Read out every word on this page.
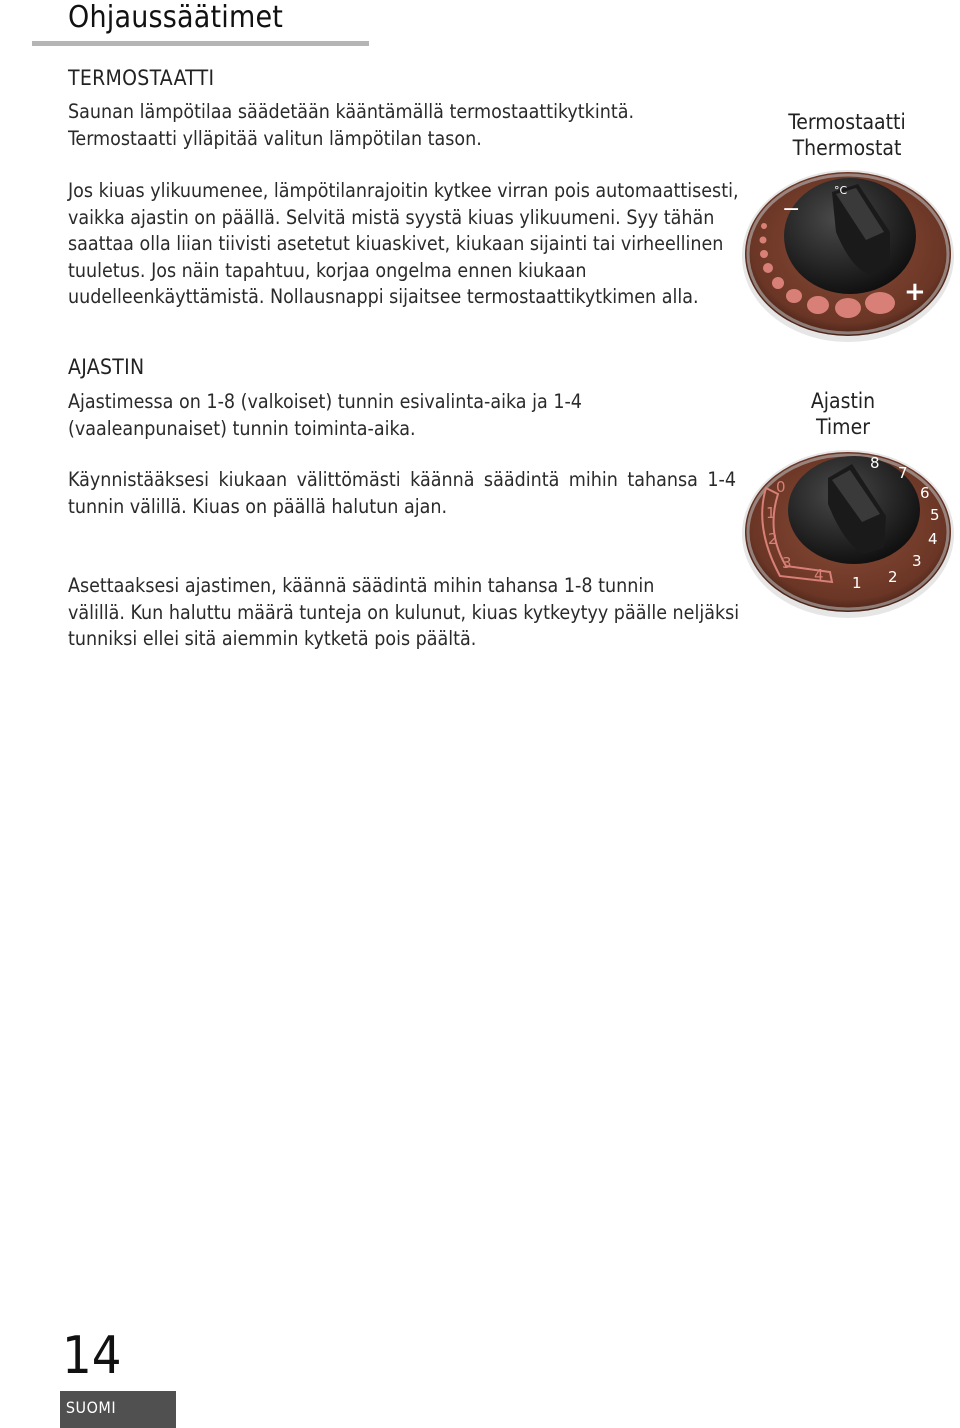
Ohjaussäätimet
TERMOSTAATTI
Saunan lämpötilaa säädetään kääntämällä termostaattikytkintä.
Termostaatti ylläpitää valitun lämpötilan tason.
Jos kiuas ylikuumenee, lämpötilanrajoitin kytkee virran pois automaattisesti,
vaikka ajastin on päällä. Selvitä mistä syystä kiuas ylikuumeni. Syy tähän
saattaa olla liian tiivisti asetetut kiuaskivet, kiukaan sijainti tai virheellinen
tuuletus. Jos näin tapahtuu, korjaa ongelma ennen kiukaan
uudelleenkäyttämistä. Nollausnappi sijaitsee termostaattikytkimen alla.
Termostaatti
Thermostat
−
°C
+
AJASTIN
Ajastimessa on 1-8 (valkoiset) tunnin esivalinta-aika ja 1-4
(vaaleanpunaiset) tunnin toiminta-aika.
Käynnistääksesi kiukaan välittömästi käännä säädintä mihin tahansa 1-4 tunnin välillä. Kiuas on päällä halutun ajan.
Asettaaksesi ajastimen, käännä säädintä mihin tahansa 1-8 tunnin
välillä. Kun haluttu määrä tunteja on kulunut, kiuas kytkeytyy päälle neljäksi
tunniksi ellei sitä aiemmin kytketä pois päältä.
Ajastin
Timer
1 2
3
4
5
6
7
8
0
1
2
3
4
14
SUOMI
